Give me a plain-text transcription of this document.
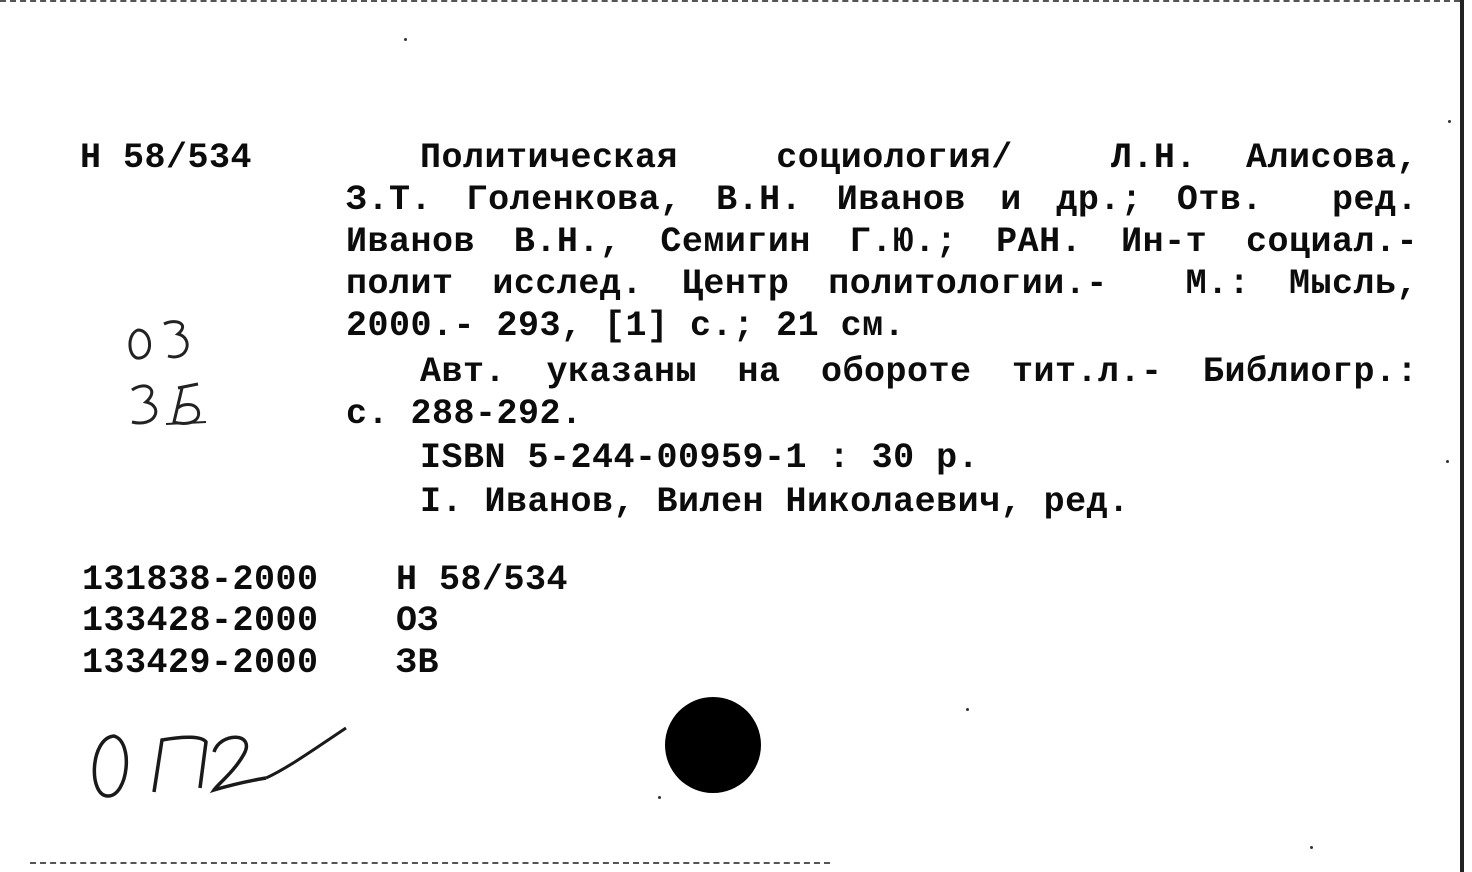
Н 58/534	Политическая  социология/  Л.Н. Алисова,
З.Т. Голенкова, В.Н. Иванов и др.; Отв.  ред.
Иванов В.Н., Семигин Г.Ю.; РАН. Ин-т социал.-
полит исслед. Центр политологии.-  М.: Мысль,
2000.- 293, [1] с.; 21 см.
Авт. указаны на обороте тит.л.- Библиогр.:
с. 288-292.
ISBN 5-244-00959-1 : 30 р.
I. Иванов, Вилен Николаевич, ред.
131838-2000 Н 58/534
133428-2000 ОЗ
133429-2000 ЗВ
